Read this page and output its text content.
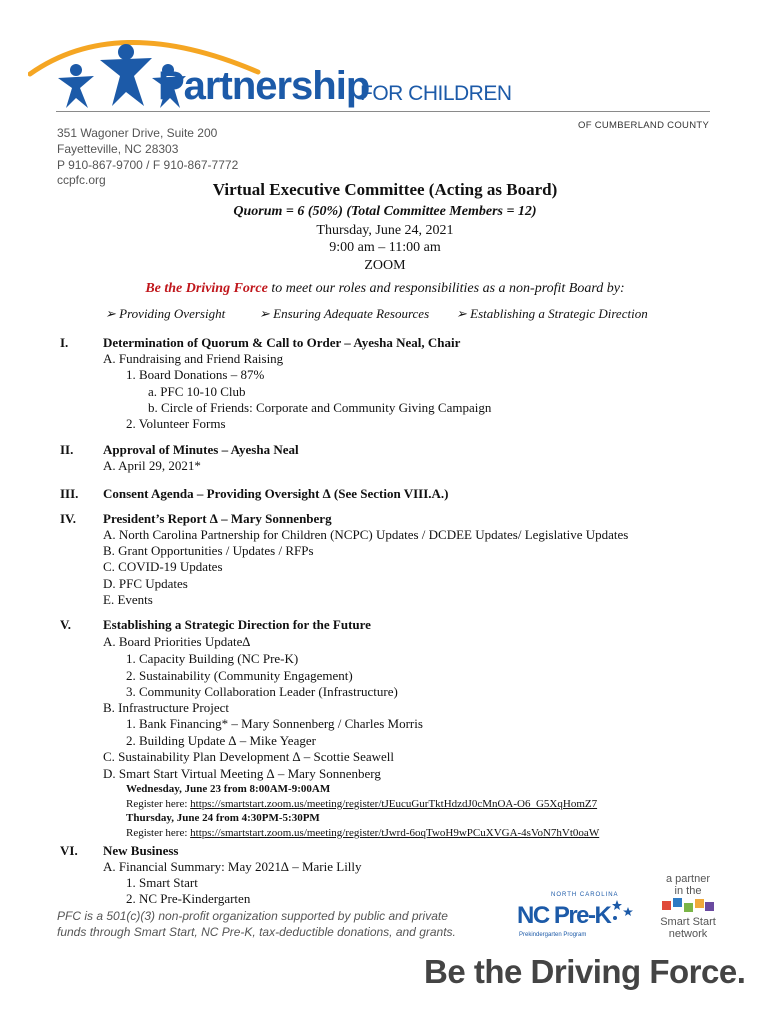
Partnership
FOR CHILDREN
OF CUMBERLAND COUNTY
351 Wagoner Drive, Suite 200
Fayetteville, NC 28303
P 910-867-9700 / F 910-867-7772
ccpfc.org	Virtual Executive Committee (Acting as Board)
Quorum = 6 (50%) (Total Committee Members = 12)
Thursday, June 24, 2021
9:00 am – 11:00 am
ZOOM
Be the Driving Force to meet our roles and responsibilities as a non-profit Board by:
➢ Providing Oversight	➢ Ensuring Adequate Resources ➢ Establishing a Strategic Direction
I.	Determination of Quorum & Call to Order – Ayesha Neal, Chair
A. Fundraising and Friend Raising
1. Board Donations – 87%
a. PFC 10-10 Club
b. Circle of Friends: Corporate and Community Giving Campaign
2. Volunteer Forms
II. Approval of Minutes – Ayesha Neal
A. April 29, 2021*
III. Consent Agenda – Providing Oversight ∆ (See Section VIII.A.)
IV. President’s Report ∆ – Mary Sonnenberg
A. North Carolina Partnership for Children (NCPC) Updates / DCDEE Updates/ Legislative Updates
B. Grant Opportunities / Updates / RFPs
C. COVID-19 Updates
D. PFC Updates
E. Events
V. Establishing a Strategic Direction for the Future
A. Board Priorities Update∆
1. Capacity Building (NC Pre-K)
2. Sustainability (Community Engagement)
3. Community Collaboration Leader (Infrastructure)
B. Infrastructure Project
1. Bank Financing* – Mary Sonnenberg / Charles Morris
2. Building Update ∆ – Mike Yeager
C. Sustainability Plan Development ∆ – Scottie Seawell
D. Smart Start Virtual Meeting ∆ – Mary Sonnenberg
Wednesday, June 23 from 8:00AM-9:00AM
Register here: https://smartstart.zoom.us/meeting/register/tJEucuGurTktHdzdJ0cMnOA-O6_G5XqHomZ7
Thursday, June 24 from 4:30PM-5:30PM
Register here: https://smartstart.zoom.us/meeting/register/tJwrd-6oqTwoH9wPCuXVGA-4sVoN7hVt0oaW
VI. New Business
A. Financial Summary: May 2021∆ – Marie Lilly
1. Smart Start
2. NC Pre-Kindergarten
PFC is a 501(c)(3) non-profit organization supported by public and private
funds through Smart Start, NC Pre-K, tax-deductible donations, and grants.
NORTH CAROLINA
NC Pre-K
Prekindergarten Program
a partner
in the
Smart Start
network
Be the Driving Force.
